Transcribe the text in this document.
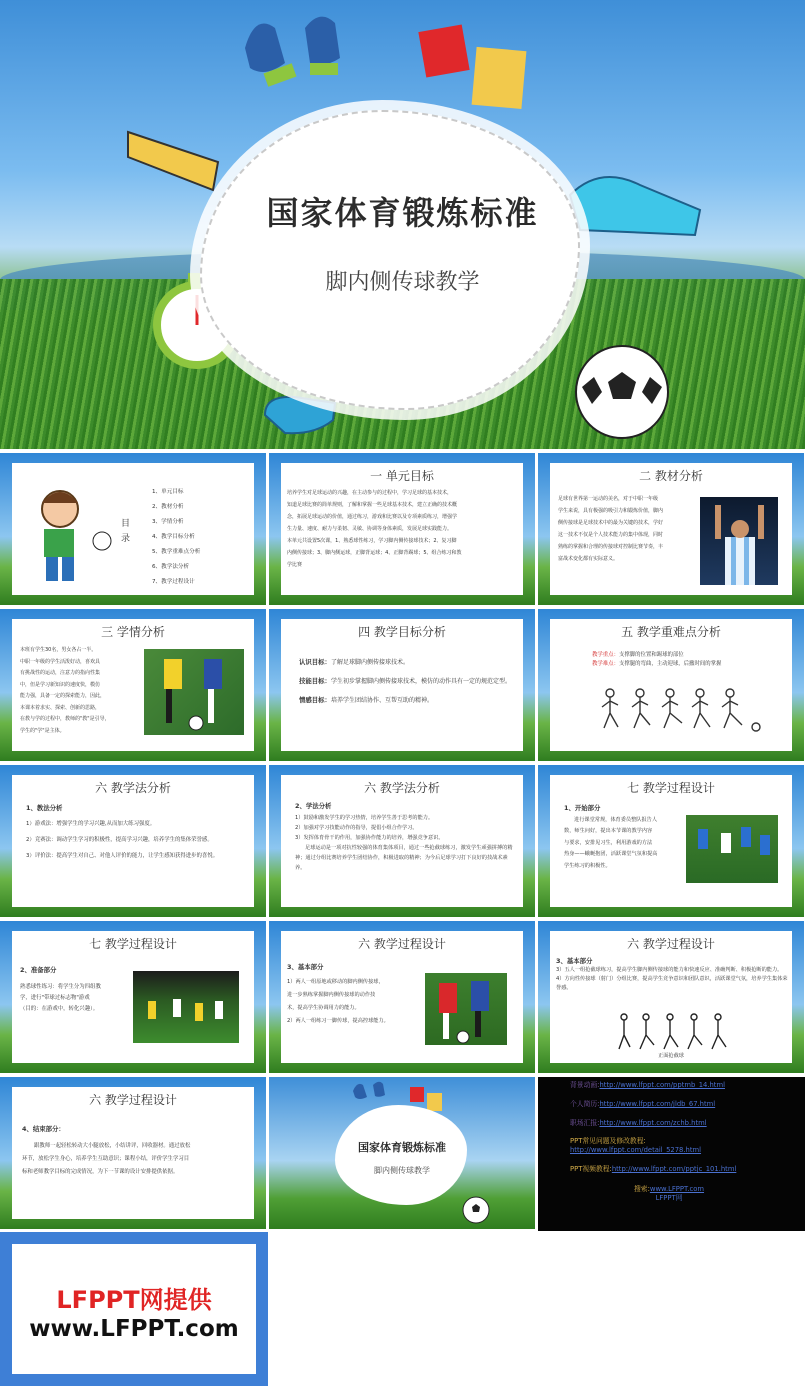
国家体育锻炼标准
脚内侧传球教学
目录
1、单元目标
2、教材分析
3、学情分析
4、教学目标分析
5、教学重难点分析
6、教学法分析
7、教学过程设计
一 单元目标
培养学生对足球运动的兴趣，在主动参与的过程中，学习足球的基本技术，
知道足球比赛的简单规则，了解和掌握一些足球基本技术，建立正确的技术概
念，拓展足球运动的价值，通过练习，游戏和比赛以及专项素质练习，增强学
生力量、速度、耐力与柔韧、灵敏、协调等身体素质，发展足球实践能力。
本单元共设置5次课，1、熟悉球性练习，学习脚内侧传接球技术；2、复习脚
内侧传接球；3、脚内侧运球，正脚背运球；4、正脚背踢球；5、组合练习和教
学比赛
二 教材分析
足球有世界第一运动的美名，对于中职一年级
学生来说，具有极强的吸引力和锻炼价值，脚内
侧传接球是足球技术中的最为关键的技术，学好
这一技术不仅是个人技术能力的集中体现，同时
熟练的掌握和合理的传接球对控制比赛节奏，丰
富战术变化都有实际意义。
三 学情分析
本班有学生30名，男女各占一半。
中职一年级的学生活泼好动，喜欢具
有挑战性的运动，注意力的指向性集
中，但是学习新知识的速度快，模仿
能力强，具备一定的探索能力，因此，
本课本着求实、探索、创新的思路，
在教与学的过程中，教师的"教"是引导，
学生的"学"是主体。
四 教学目标分析
认识目标：了解足球脚内侧传接球技术。
技能目标：学生初步掌握脚内侧传接球技术，模仿的动作具有一定的规范定型。
情感目标：培养学生团结协作、互帮互助的精神。
五 教学重难点分析
教学重点：支撑脚的位置和踢球的部位
教学难点：支撑腿的弯曲，主动迎球，后撤时间的掌握
六 教学法分析
1、教法分析
1）游戏法：增强学生的学习兴趣,从而加大练习强度。
2）竞赛法：调动学生学习的积极性，提高学习兴趣，培养学生的集体荣誉感。
3）评价法：提高学生对自己、对他人评价的能力，让学生感知获得进步的喜悦。
六 教学法分析
2、学法分析
1）鼓励和激发学生的学习热情，培养学生善于思考的能力。
2）加强对学习技能动作的指导，提倡小组合作学习。
3）发挥体育骨干的作用，加强协作能力的培养，增强竞争意识。
足球运动是一项对抗性较强的体育集体项目，通过一些抢截球练习，激发学生顽强拼搏的精神；通过分组比赛培养学生团结协作，积极进取的精神；为今后足球学习打下良好的技战术素养。
七 教学过程设计
1、开始部分
进行课堂常规，体育委员整队报告人
数，师生问好，提出本节课的教学内容
与要求，安排见习生，利用游戏的方法
热身——蛾蜒抱团，活跃课堂气氛和提高
学生练习的积极性。
七 教学过程设计
2、准备部分
熟悉球性练习：将学生分为四组教
学，进行"带球过标志物"游戏
（目的：在游戏中，转化兴趣）。
六 教学过程设计
3、基本部分
1）两人一组原地或移动的脚内侧传接球，
进一步熟练掌握脚内侧传接球的动作技
术，提高学生协调用力的能力。
2）两人一组练习一脚传球，提高控球能力。
六 教学过程设计
3、基本部分
3）五人一组抢截球练习，提高学生脚内侧传接球的能力和快速反应、准确判断、积极抢断的能力。
4）方向性传接球（射门）分组比赛，提高学生竞争意识和团队意识，活跃课堂气氛，培养学生集体荣誉感。
正面抢截球
六 教学过程设计
4、结束部分：
跟教师一起轻松转动大小腿放松，小结讲评，回收器材。通过放松
环节，放松学生身心，培养学生互助意识；课程小结，评价学生学习目
标和老师教学目标的完成情况，为下一节课的设计安排提供依据。
国家体育锻炼标准
脚内侧传球教学
背景动画:http://www.lfppt.com/pptmb_14.html
个人简历:http://www.lfppt.com/jldb_67.html
职场汇报:http://www.lfppt.com/zchb.html
PPT常见问题及修改教程:
http://www.lfppt.com/detail_5278.html
PPT视频教程:http://www.lfppt.com/pptjc_101.html
搜索:www.LFPPT.com
LFPPT网
LFPPT网提供
www.LFPPT.com
